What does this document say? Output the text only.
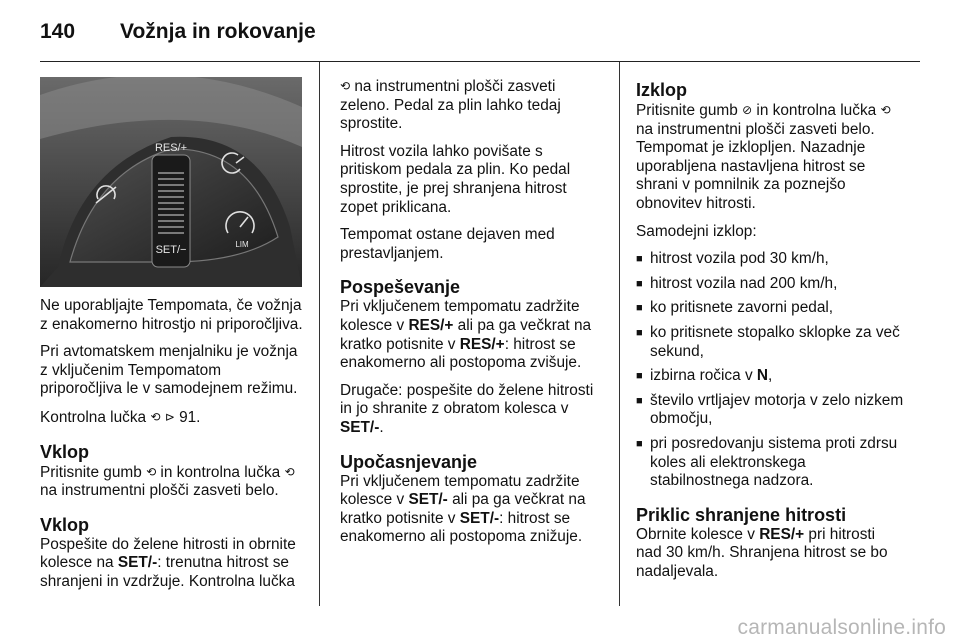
140 Vožnja in rokovanje
RES/+
SET/−	LIM

Ne uporabljajte Tempomata, če vožnja z enakomerno hitrostjo ni priporočljiva.

Pri avtomatskem menjalniku je vožnja z vključenim Tempomatom priporočljiva le v samodejnem režimu.

Kontrolna lučka ⟲ ⊳ 91.

Vklop

Pritisnite gumb ⟲ in kontrolna lučka ⟲ na instrumentni plošči zasveti belo.

Vklop

Pospešite do želene hitrosti in obrnite kolesce na SET/-: trenutna hitrost se shranjeni in vzdržuje. Kontrolna lučka

⟲ na instrumentni plošči zasveti zeleno. Pedal za plin lahko tedaj sprostite.

Hitrost vozila lahko povišate s pritiskom pedala za plin. Ko pedal sprostite, je prej shranjena hitrost zopet priklicana.

Tempomat ostane dejaven med prestavljanjem.

Pospeševanje

Pri vključenem tempomatu zadržite kolesce v RES/+ ali pa ga večkrat na kratko potisnite v RES/+: hitrost se enakomerno ali postopoma zvišuje.

Drugače: pospešite do želene hitrosti in jo shranite z obratom kolesca v SET/-.

Upočasnjevanje

Pri vključenem tempomatu zadržite kolesce v SET/- ali pa ga večkrat na kratko potisnite v SET/-: hitrost se enakomerno ali postopoma znižuje.

Izklop

Pritisnite gumb ⊘ in kontrolna lučka ⟲ na instrumentni plošči zasveti belo. Tempomat je izklopljen. Nazadnje uporabljena nastavljena hitrost se shrani v pomnilnik za poznejšo obnovitev hitrosti.

Samodejni izklop:

■ hitrost vozila pod 30 km/h,
■ hitrost vozila nad 200 km/h,
■ ko pritisnete zavorni pedal,
■ ko pritisnete stopalko sklopke za več sekund,
■ izbirna ročica v N,
■ število vrtljajev motorja v zelo nizkem območju,
■ pri posredovanju sistema proti zdrsu koles ali elektronskega stabilnostnega nadzora.
Priklic shranjene hitrosti

Obrnite kolesce v RES/+ pri hitrosti nad 30 km/h. Shranjena hitrost se bo nadaljevala.

carmanualsonline.info
